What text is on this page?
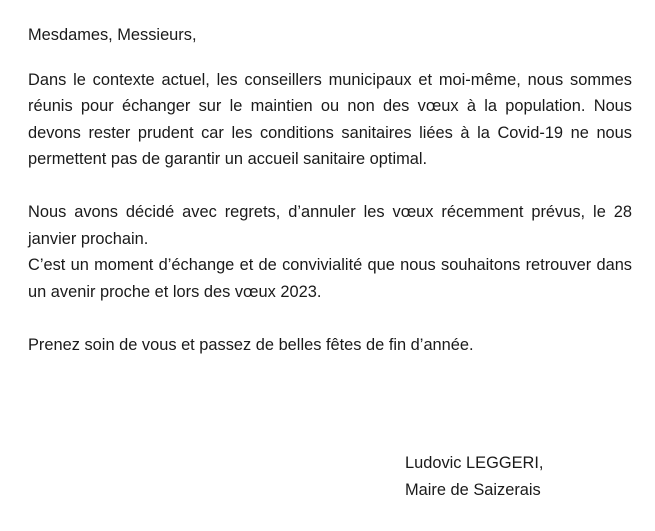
Mesdames, Messieurs,

Dans le contexte actuel, les conseillers municipaux et moi-même, nous sommes réunis pour échanger sur le maintien ou non des vœux à la population. Nous devons rester prudent car les conditions sanitaires liées à la Covid-19 ne nous permettent pas de garantir un accueil sanitaire optimal.

Nous avons décidé avec regrets, d’annuler les vœux récemment prévus, le 28 janvier prochain.

C’est un moment d’échange et de convivialité que nous souhaitons retrouver dans un avenir proche et lors des vœux 2023.

Prenez soin de vous et passez de belles fêtes de fin d’année.

Ludovic LEGGERI,
Maire de Saizerais
